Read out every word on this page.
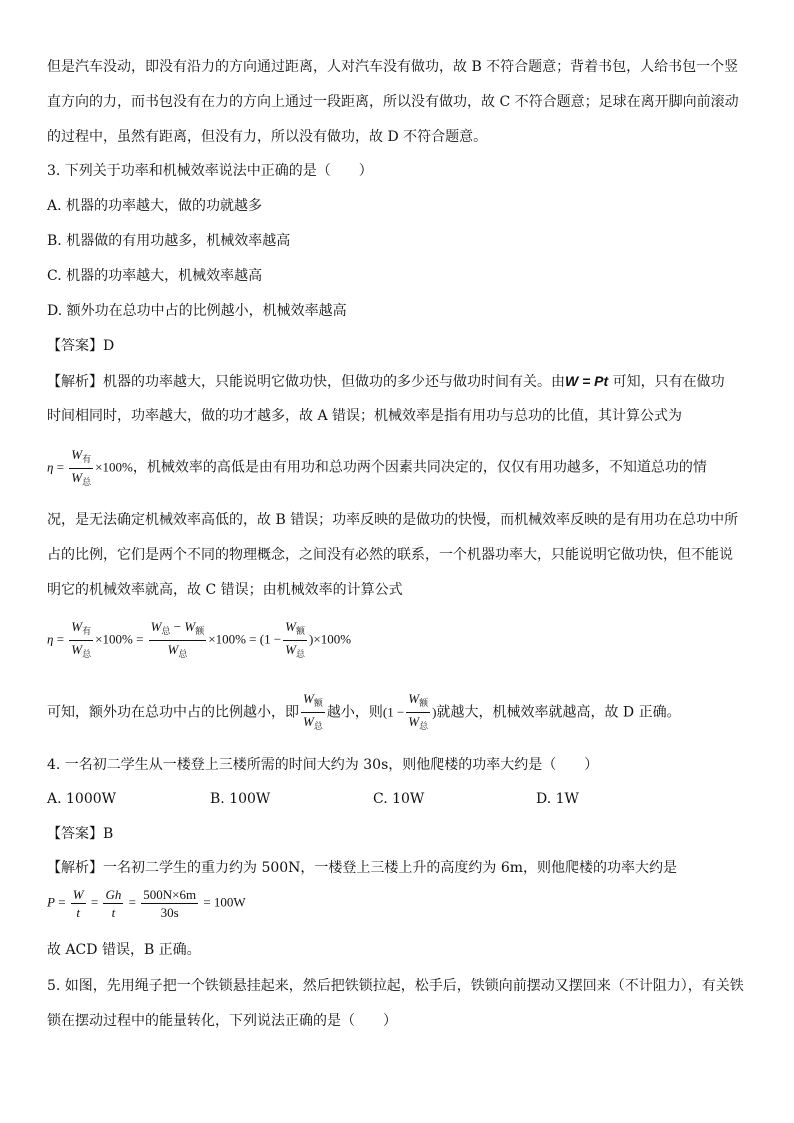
但是汽车没动，即没有沿力的方向通过距离，人对汽车没有做功，故 B 不符合题意；背着书包，人给书包一个竖
直方向的力，而书包没有在力的方向上通过一段距离，所以没有做功，故 C 不符合题意；足球在离开脚向前滚动
的过程中，虽然有距离，但没有力，所以没有做功，故 D 不符合题意。
3. 下列关于功率和机械效率说法中正确的是（　　）
A. 机器的功率越大，做的功就越多
B. 机器做的有用功越多，机械效率越高
C. 机器的功率越大，机械效率越高
D. 额外功在总功中占的比例越小，机械效率越高
【答案】D
【解析】机器的功率越大，只能说明它做功快，但做功的多少还与做功时间有关。由W = Pt 可知，只有在做功
时间相同时，功率越大，做的功才越多，故 A 错误；机械效率是指有用功与总功的比值，其计算公式为
$\eta = \frac{W_有}{W_总} \times 100\%$，机械效率的高低是由有用功和总功两个因素共同决定的，仅仅有用功越多，不知道总功的情
况，是无法确定机械效率高低的，故 B 错误；功率反映的是做功的快慢，而机械效率反映的是有用功在总功中所
占的比例，它们是两个不同的物理概念，之间没有必然的联系，一个机器功率大，只能说明它做功快，但不能说
明它的机械效率就高，故 C 错误；由机械效率的计算公式
$\eta = \frac{W_有}{W_总} \times 100\% = \frac{W_总 - W_额}{W_总} \times 100\% = (1 - \frac{W_额}{W_总} )\times 100\%$
可知，额外功在总功中占的比例越小，即 $\frac{W_额}{W_总}$ 越小，则($1 - \frac{W_额}{W_总}$ )就越大，机械效率就越高，故 D 正确。
4. 一名初二学生从一楼登上三楼所需的时间大约为 30s，则他爬楼的功率大约是（　　）
A. 1000W	B. 100W	C. 10W	D. 1W
【答案】B
【解析】一名初二学生的重力约为 500N，一楼登上三楼上升的高度约为 6m，则他爬楼的功率大约是
$P = \frac{W}{t} = \frac{Gh}{t} = \frac{500N\times 6m}{30s} = 100W$
故 ACD 错误，B 正确。
5. 如图，先用绳子把一个铁锁悬挂起来，然后把铁锁拉起，松手后，铁锁向前摆动又摆回来（不计阻力），有关铁
锁在摆动过程中的能量转化，下列说法正确的是（　　）
